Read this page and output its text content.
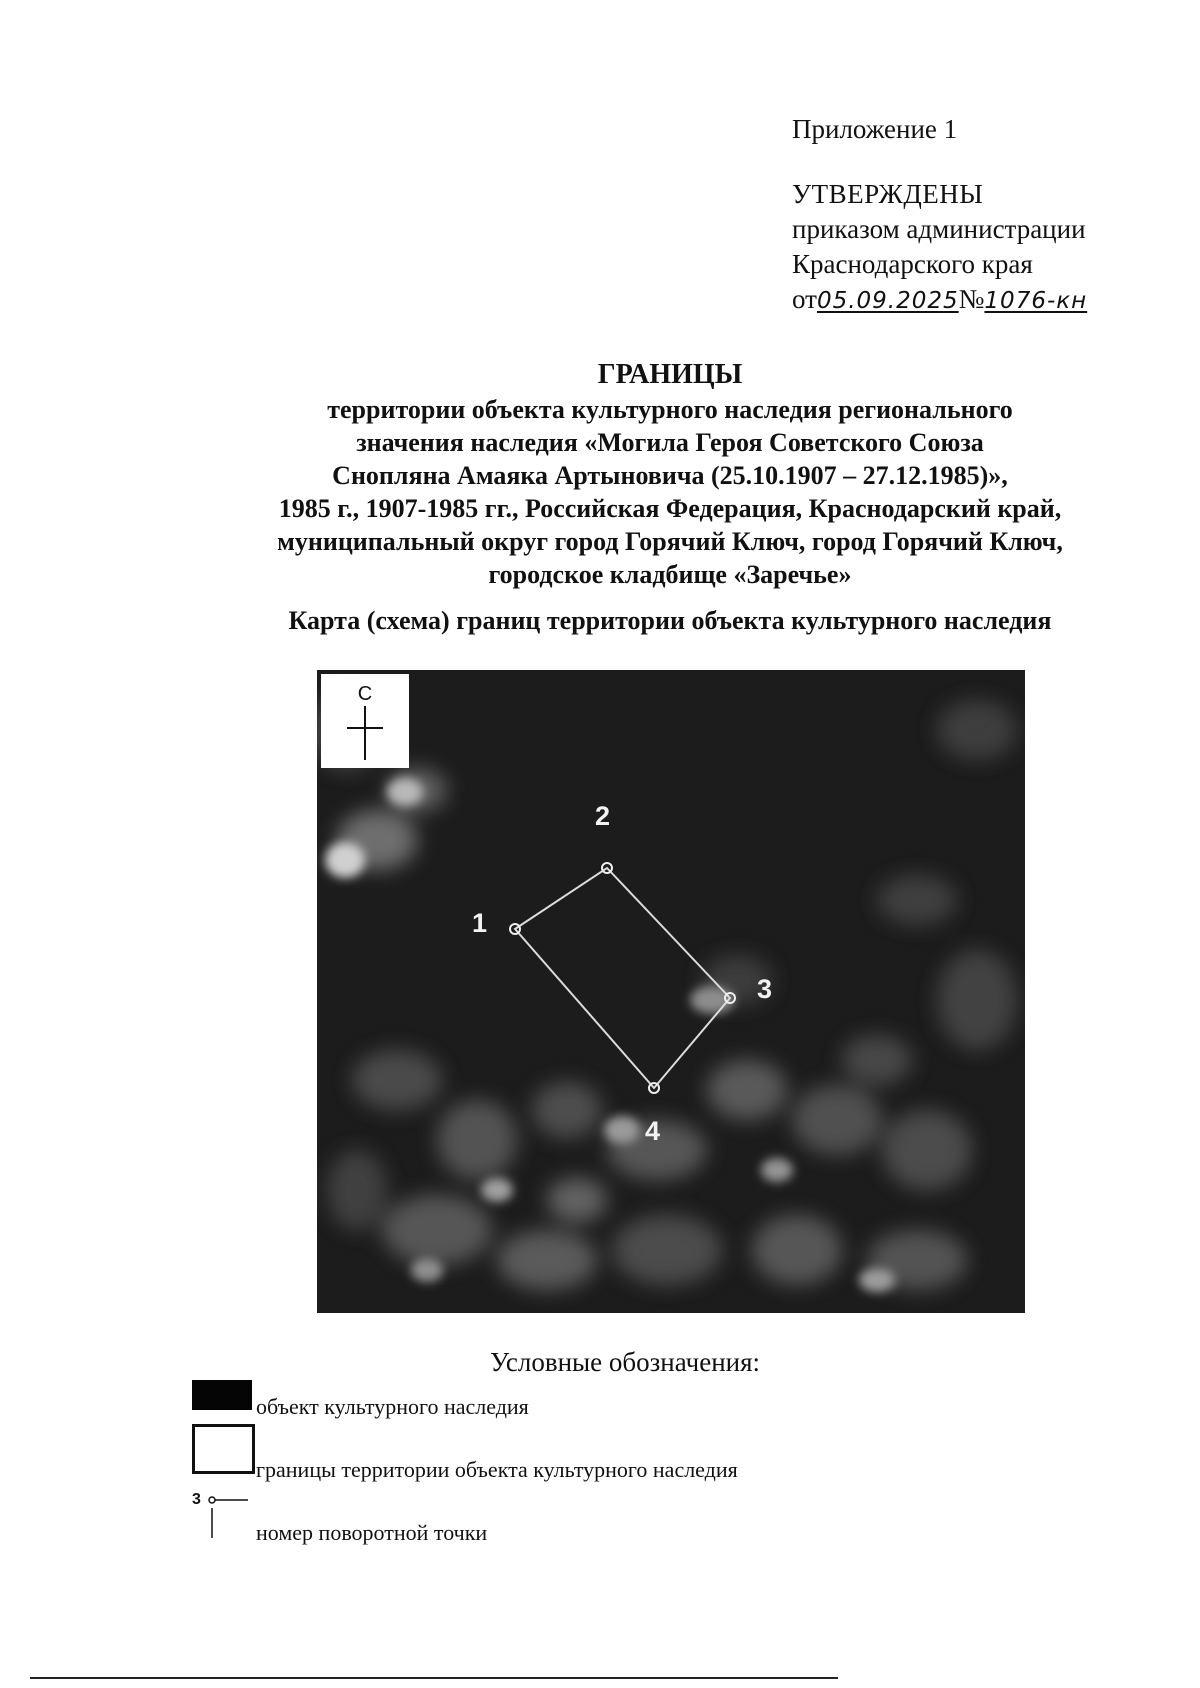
Приложение 1
УТВЕРЖДЕНЫ
приказом администрации
Краснодарского края
от05.09.2025№1076-кн
ГРАНИЦЫ
территории объекта культурного наследия регионального
значения наследия «Могила Героя Советского Союза
Снопляна Амаяка Артыновича (25.10.1907 – 27.12.1985)»,
1985 г., 1907-1985 гг., Российская Федерация, Краснодарский край,
муниципальный округ город Горячий Ключ, город Горячий Ключ,
городское кладбище «Заречье»
Карта (схема) границ территории объекта культурного наследия
С
1
2
3
4
Условные обозначения:
объект культурного наследия
границы территории объекта культурного наследия
3
номер поворотной точки
